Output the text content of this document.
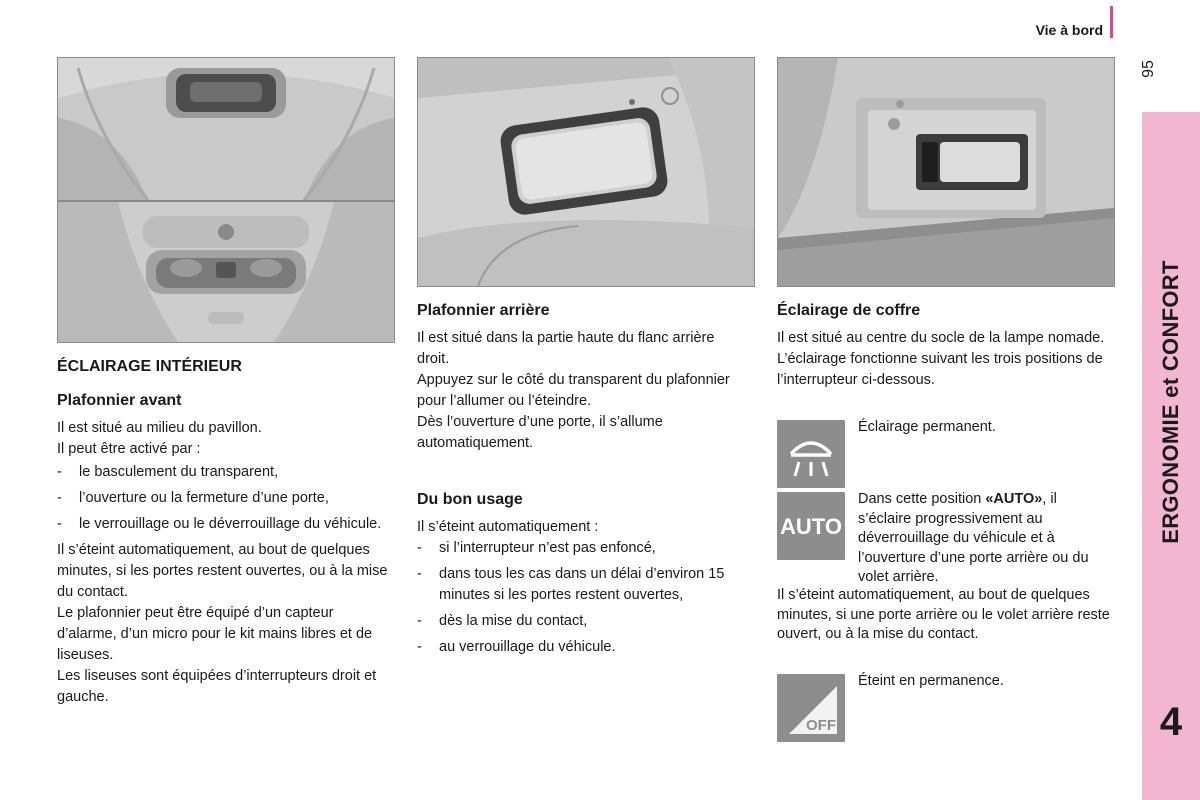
Vie à bord
95
ERGONOMIE et CONFORT
4
ÉCLAIRAGE INTÉRIEUR
Plafonnier avant
Il est situé au milieu du pavillon.
Il peut être activé par :
- le basculement du transparent,
- l’ouverture ou la fermeture d’une porte,
- le verrouillage ou le déverrouillage du véhicule.
Il s’éteint automatiquement, au bout de quelques minutes, si les portes restent ouvertes, ou à la mise du contact.
Le plafonnier peut être équipé d’un capteur d’alarme, d’un micro pour le kit mains libres et de liseuses.
Les liseuses sont équipées d’interrupteurs droit et gauche.
Plafonnier arrière
Il est situé dans la partie haute du flanc arrière droit.
Appuyez sur le côté du transparent du plafonnier pour l’allumer ou l’éteindre.
Dès l’ouverture d’une porte, il s’allume automatiquement.
Du bon usage
Il s’éteint automatiquement :
- si l’interrupteur n’est pas enfoncé,
- dans tous les cas dans un délai d’environ 15 minutes si les portes restent ouvertes,
- dès la mise du contact,
- au verrouillage du véhicule.
Éclairage de coffre
Il est situé au centre du socle de la lampe nomade.
L’éclairage fonctionne suivant les trois positions de l’interrupteur ci-dessous.
Éclairage permanent.
AUTO
Dans cette position «AUTO», il s’éclaire progressivement au déverrouillage du véhicule et à l’ouverture d’une porte arrière ou du volet arrière.
Il s’éteint automatiquement, au bout de quelques minutes, si une porte arrière ou le volet arrière reste ouvert, ou à la mise du contact.
OFF
Éteint en permanence.
